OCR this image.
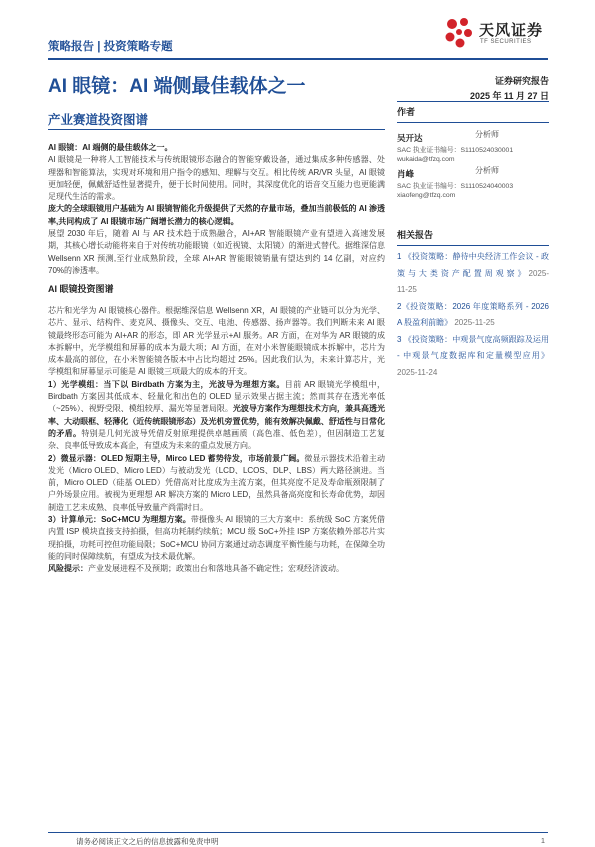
策略报告 | 投资策略专题
天风证券
TF SECURITIES
AI 眼镜：AI 端侧最佳载体之一	证券研究报告
2025 年 11 月 27 日
产业赛道投资图谱
作者
吴开达	分析师
SAC 执业证书编号：S1110524030001
wukaida@tfzq.com
肖峰	分析师
SAC 执业证书编号：S1110524040003
xiaofeng@tfzq.com
相关报告
1 《投资策略：静待中央经济工作会议 - 政 策 与 大 类 资 产 配 置 周 观 察 》 2025-11-25
2《投资策略：2026 年度策略系列 - 2026 A 股盈利前瞻》 2025-11-25
3 《投资策略：中观景气度高频跟踪及运用 - 中观景气度数据库和定量模型应用》 2025-11-24

AI 眼镜：AI 端侧的最佳载体之一。

AI 眼镜是一种将人工智能技术与传统眼镜形态融合的智能穿戴设备，通过集成多种传感器、处理器和智能算法，实现对环境和用户指令的感知、理解与交互。相比传统 AR/VR 头显，AI 眼镜更加轻便，佩戴舒适性显著提升，便于长时间使用。同时，其深度优化的语音交互能力也更能满足现代生活的需求。

庞大的全球眼镜用户基础为 AI 眼镜智能化升级提供了天然的存量市场，叠加当前极低的 AI 渗透率,共同构成了 AI 眼镜市场广阔增长潜力的核心逻辑。

展望 2030 年后，随着 AI 与 AR 技术趋于成熟融合，AI+AR 智能眼镜产业有望进入高速发展期，其核心增长动能将来自于对传统功能眼镜（如近视镜、太阳镜）的渐进式替代。据维深信息 Wellsenn XR 预测,至行业成熟阶段，全球 AI+AR 智能眼镜销量有望达到约 14 亿副，对应约 70%的渗透率。

AI 眼镜投资图谱

芯片和光学为 AI 眼镜核心器件。根据维深信息 Wellsenn XR，AI 眼镜的产业链可以分为光学、芯片、显示、结构件、麦克风、摄像头、交互、电池、传感器、扬声器等。我们判断未来 AI 眼镜最终形态可能为 AI+AR 的形态，即 AR 光学显示+AI 服务。AR 方面，在对华为 AR 眼镜的成本拆解中，光学模组和屏幕的成本为最大项；AI 方面，在对小米智能眼镜成本拆解中，芯片为成本最高的部位，在小米智能镜各版本中占比均超过 25%。因此我们认为，未来计算芯片，光学模组和屏幕显示可能是 AI 眼镜三项最大的成本的开支。

1）光学模组：当下以 Birdbath 方案为主，光波导为理想方案。目前 AR 眼镜光学模组中，Birdbath 方案因其低成本、轻量化和出色的 OLED 显示效果占据主流；然而其存在透光率低（~25%）、视野受限、模组较厚、漏光等显著局限。光波导方案作为理想技术方向，兼具高透光率、大动眼框、轻薄化（近传统眼镜形态）及光机旁置优势，能有效解决佩戴、舒适性与日常化的矛盾。特别是几何光波导凭借反射原理提供卓越画质（高色准、低色差），但因制造工艺复杂、良率低导致成本高企，有望成为未来的重点发展方向。

2）微显示器：OLED 短期主导，Mirco LED 蓄势待发，市场前景广阔。微显示器技术沿着主动发光（Micro OLED、Micro LED）与被动发光（LCD、LCOS、DLP、LBS）两大路径演进。当前，Micro OLED（硅基 OLED）凭借高对比度成为主流方案，但其亮度不足及寿命瓶颈限制了户外场景应用。被视为更理想 AR 解决方案的 Micro LED，虽然具备高亮度和长寿命优势，却因制造工艺未成熟、良率低导致量产尚需时日。

3）计算单元：SoC+MCU 为理想方案。带摄像头 AI 眼镜的三大方案中：系统级 SoC 方案凭借内置 ISP 模块直接支持拍摄，但高功耗制约续航；MCU 级 SoC+外挂 ISP 方案依赖外部芯片实现拍摄，功耗可控但功能局限；SoC+MCU 协同方案通过动态调度平衡性能与功耗，在保障全功能的同时保障续航，有望成为技术最优解。

风险提示：产业发展进程不及预期；政策出台和落地具备不确定性；宏观经济波动。

请务必阅读正文之后的信息披露和免责申明	1
